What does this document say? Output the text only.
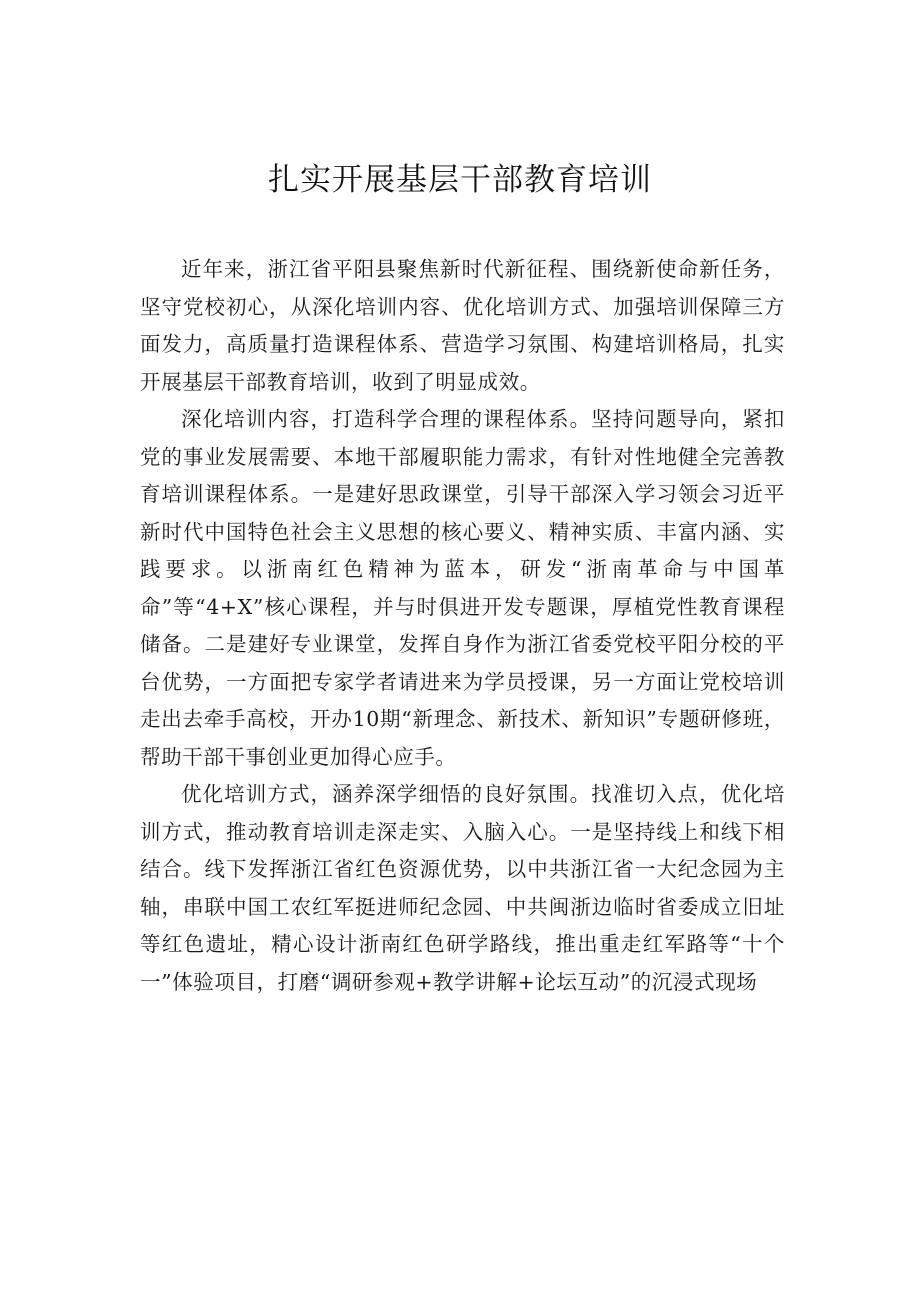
扎实开展基层干部教育培训

近年来，浙江省平阳县聚焦新时代新征程、围绕新使命新任务，坚守党校初心，从深化培训内容、优化培训方式、加强培训保障三方面发力，高质量打造课程体系、营造学习氛围、构建培训格局，扎实开展基层干部教育培训，收到了明显成效。

深化培训内容，打造科学合理的课程体系。坚持问题导向，紧扣党的事业发展需要、本地干部履职能力需求，有针对性地健全完善教育培训课程体系。一是建好思政课堂，引导干部深入学习领会习近平新时代中国特色社会主义思想的核心要义、精神实质、丰富内涵、实践要求。以浙南红色精神为蓝本，研发“浙南革命与中国革命”等“4+X”核心课程，并与时俱进开发专题课，厚植党性教育课程储备。二是建好专业课堂，发挥自身作为浙江省委党校平阳分校的平台优势，一方面把专家学者请进来为学员授课，另一方面让党校培训走出去牵手高校，开办10期“新理念、新技术、新知识”专题研修班，帮助干部干事创业更加得心应手。

优化培训方式，涵养深学细悟的良好氛围。找准切入点，优化培训方式，推动教育培训走深走实、入脑入心。一是坚持线上和线下相结合。线下发挥浙江省红色资源优势，以中共浙江省一大纪念园为主轴，串联中国工农红军挺进师纪念园、中共闽浙边临时省委成立旧址等红色遗址，精心设计浙南红色研学路线，推出重走红军路等“十个一”体验项目，打磨“调研参观+教学讲解+论坛互动”的沉浸式现场
